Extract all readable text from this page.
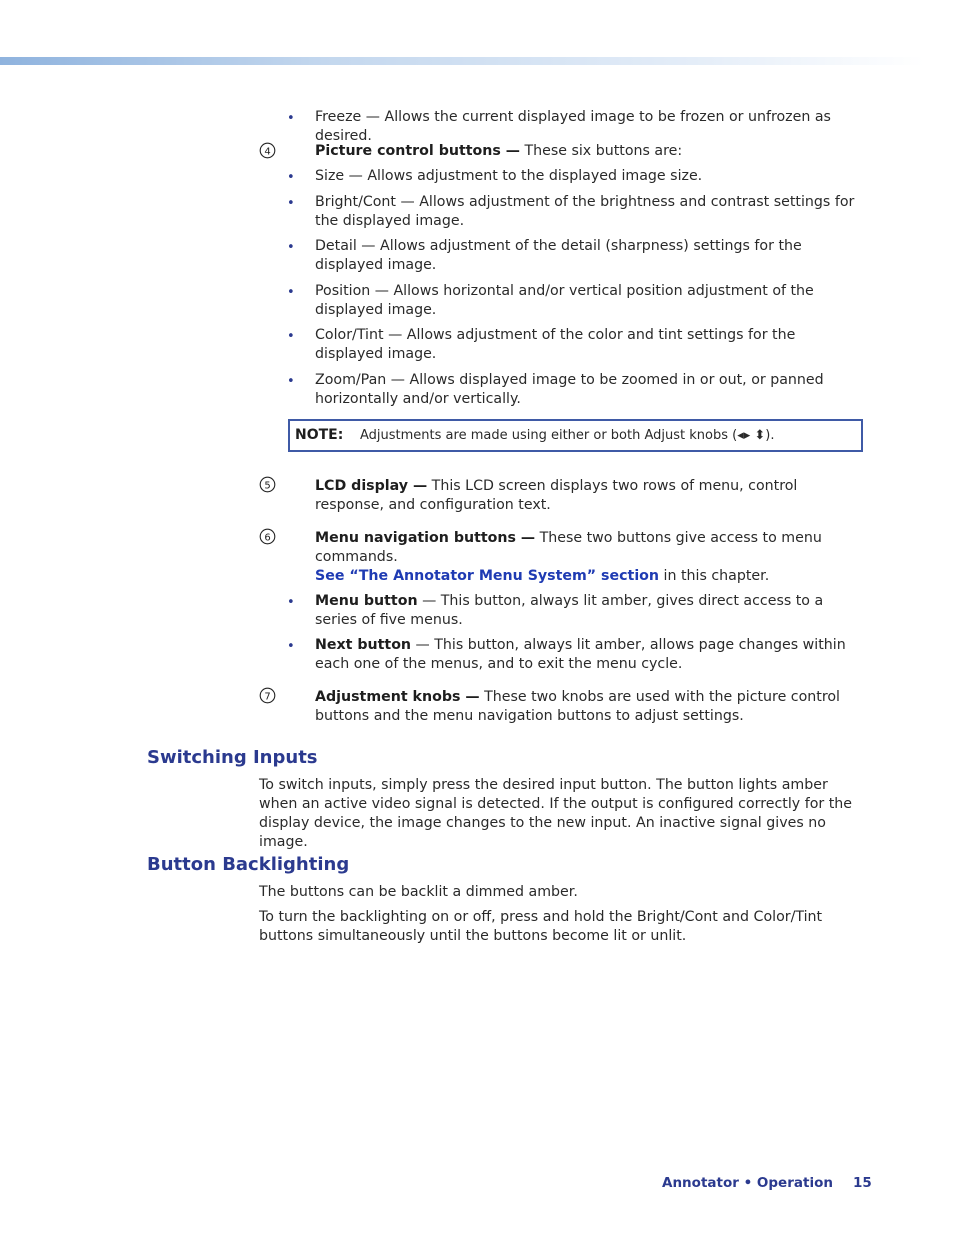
• Freeze — Allows the current displayed image to be frozen or unfrozen as desired.
4	Picture control buttons — These six buttons are:
• Size — Allows adjustment to the displayed image size.
• Bright/Cont — Allows adjustment of the brightness and contrast settings for the displayed image.
• Detail — Allows adjustment of the detail (sharpness) settings for the displayed image.
• Position — Allows horizontal and/or vertical position adjustment of the displayed image.
• Color/Tint — Allows adjustment of the color and tint settings for the displayed image.
• Zoom/Pan — Allows displayed image to be zoomed in or out, or panned horizontally and/or vertically.
NOTE: Adjustments are made using either or both Adjust knobs (◂▸ ⬍).
5	LCD display — This LCD screen displays two rows of menu, control response, and configuration text.
6	Menu navigation buttons — These two buttons give access to menu commands.
See “The Annotator Menu System” section in this chapter.
• Menu button — This button, always lit amber, gives direct access to a series of five menus.
• Next button — This button, always lit amber, allows page changes within each one of the menus, and to exit the menu cycle.
7	Adjustment knobs — These two knobs are used with the picture control buttons and the menu navigation buttons to adjust settings.
Switching Inputs
To switch inputs, simply press the desired input button. The button lights amber when an active video signal is detected. If the output is configured correctly for the display device, the image changes to the new input. An inactive signal gives no image.
Button Backlighting
The buttons can be backlit a dimmed amber.
To turn the backlighting on or off, press and hold the Bright/Cont and Color/Tint buttons simultaneously until the buttons become lit or unlit.
Annotator • Operation 15
